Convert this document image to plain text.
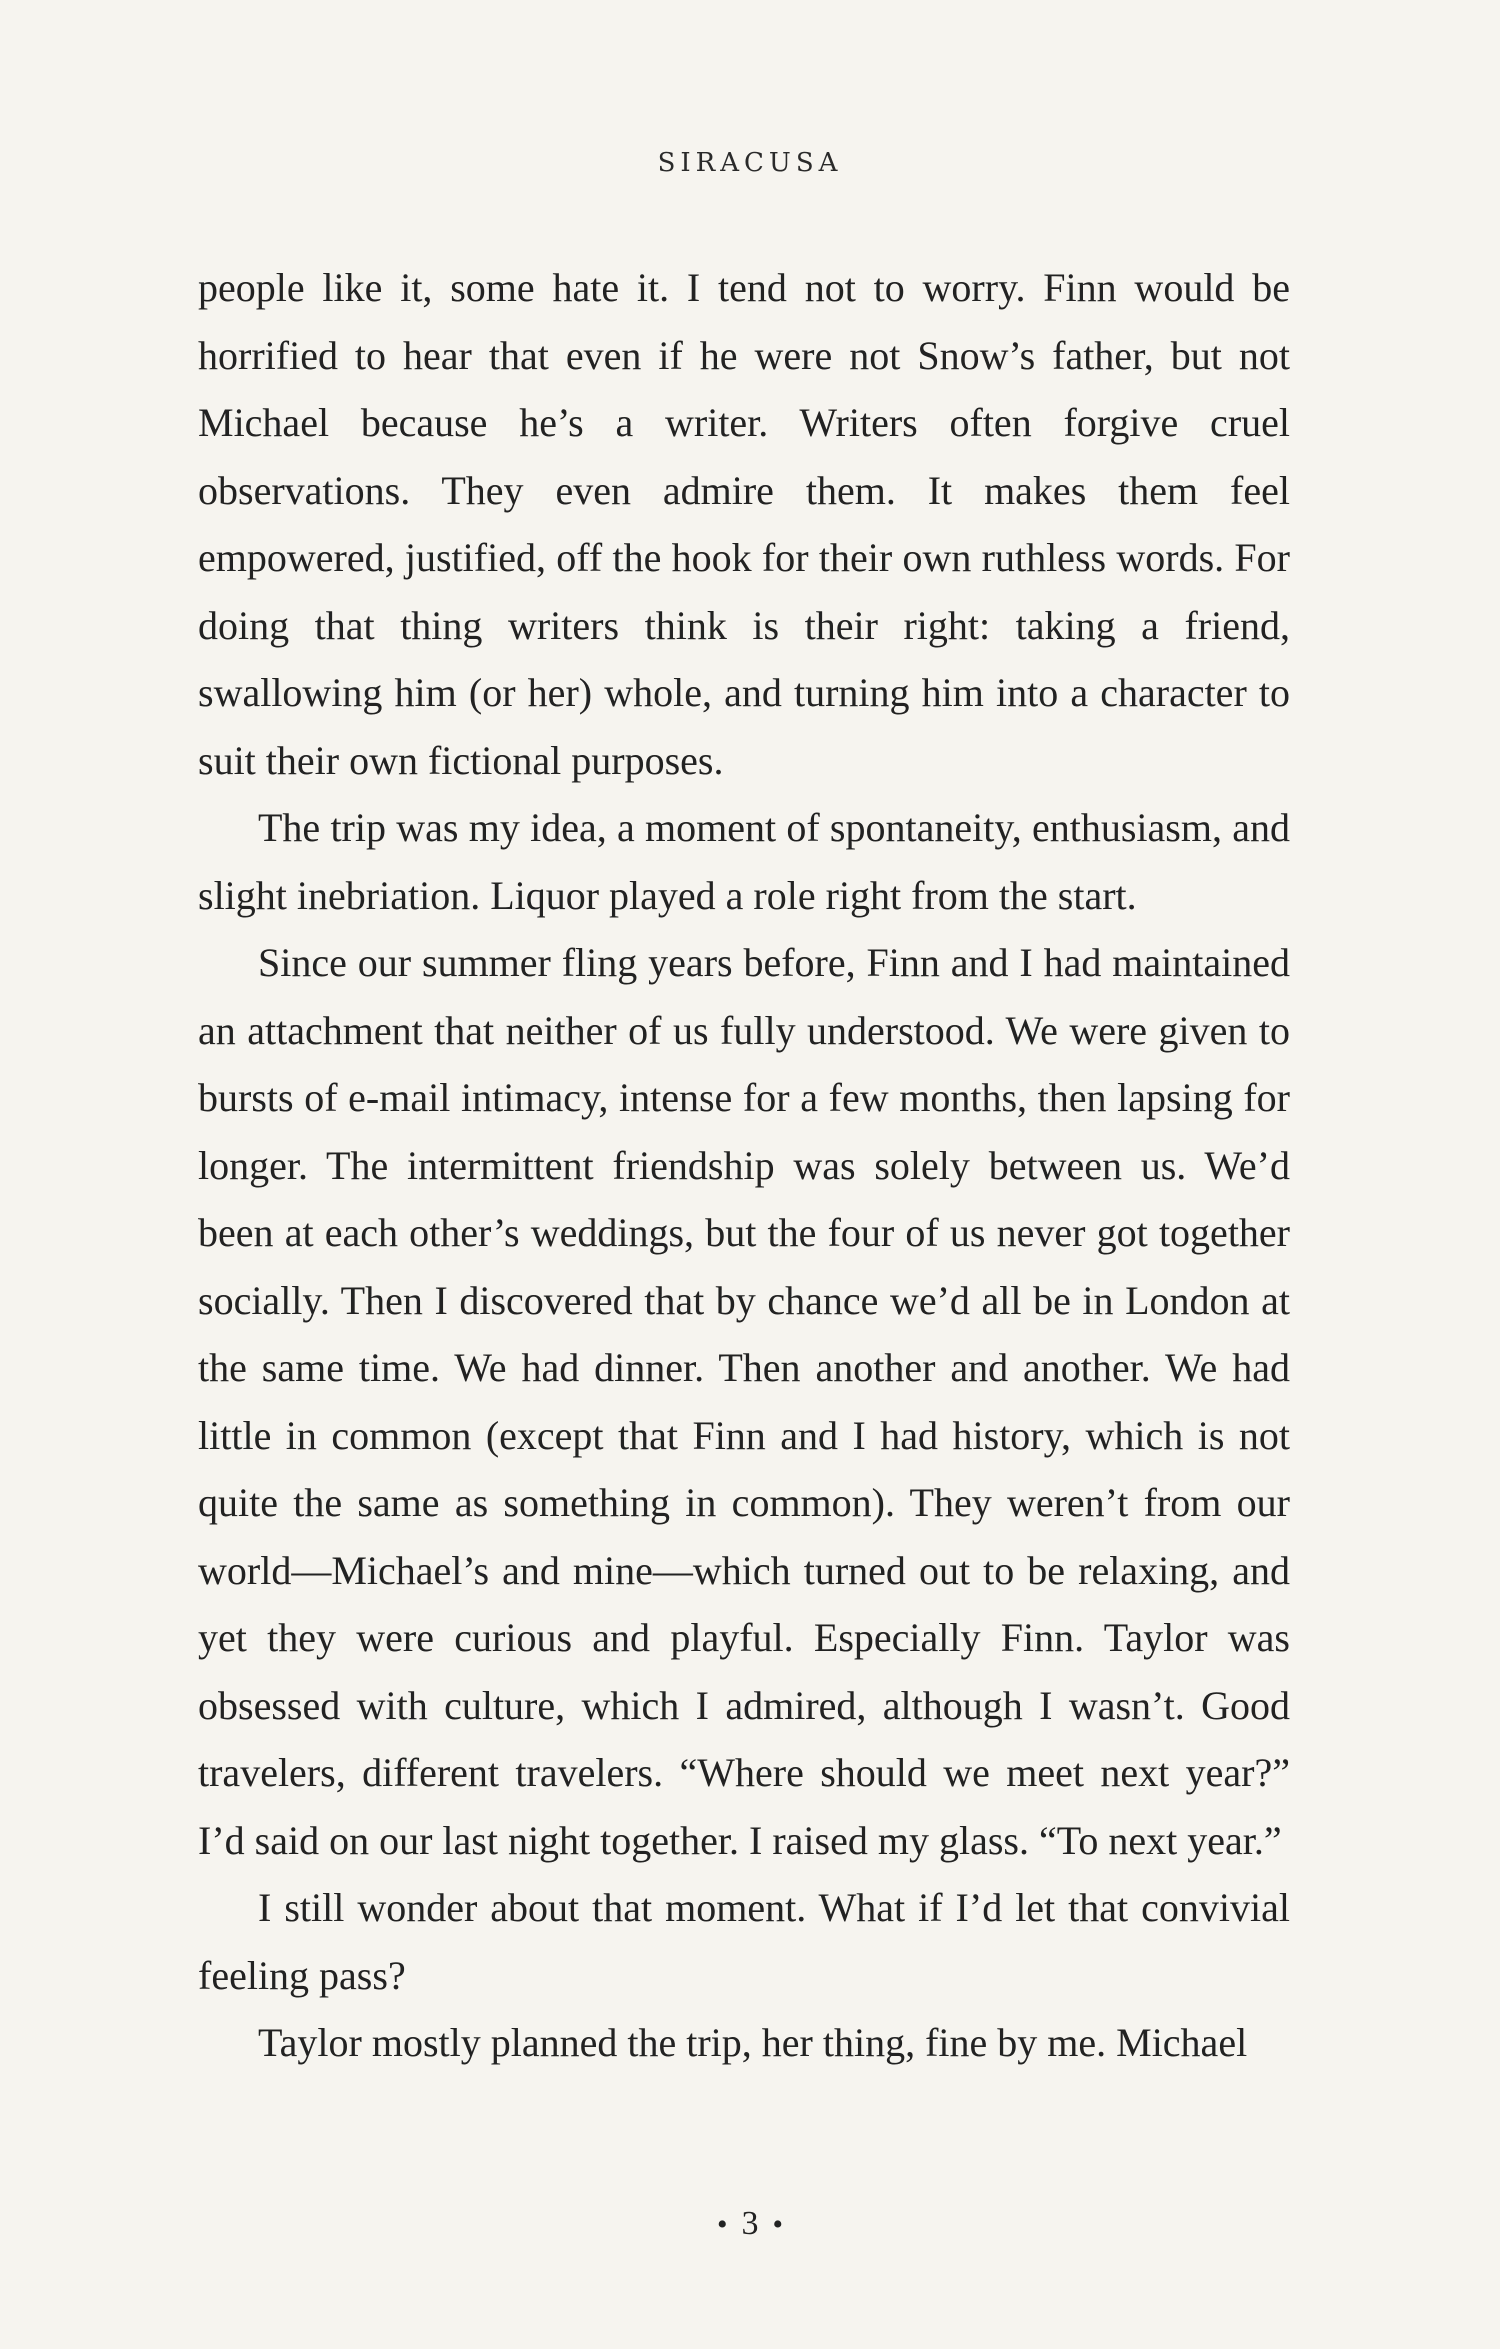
SIRACUSA

people like it, some hate it. I tend not to worry. Finn would be horrified to hear that even if he were not Snow’s father, but not Michael because he’s a writer. Writers often forgive cruel observations. They even admire them. It makes them feel empowered, justified, off the hook for their own ruthless words. For doing that thing writers think is their right: taking a friend, swallowing him (or her) whole, and turning him into a character to suit their own fictional purposes.

The trip was my idea, a moment of spontaneity, enthusiasm, and slight inebriation. Liquor played a role right from the start.

Since our summer fling years before, Finn and I had maintained an attachment that neither of us fully understood. We were given to bursts of e-mail intimacy, intense for a few months, then lapsing for longer. The intermittent friendship was solely between us. We’d been at each other’s weddings, but the four of us never got together socially. Then I discovered that by chance we’d all be in London at the same time. We had dinner. Then another and another. We had little in common (except that Finn and I had history, which is not quite the same as something in common). They weren’t from our world—Michael’s and mine—which turned out to be relaxing, and yet they were curious and playful. Especially Finn. Taylor was obsessed with culture, which I admired, although I wasn’t. Good travelers, different travelers. “Where should we meet next year?” I’d said on our last night together. I raised my glass. “To next year.”

I still wonder about that moment. What if I’d let that convivial feeling pass?

Taylor mostly planned the trip, her thing, fine by me. Michael

• 3 •
